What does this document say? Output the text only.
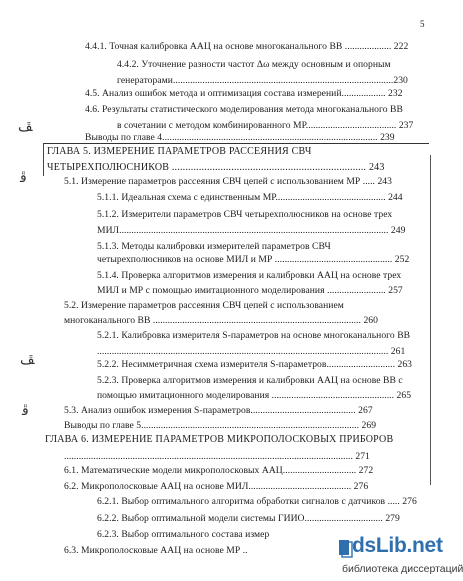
5
4.4.1. Точная калибровка ААЦ на основе многоканального ВВ ................... 222
4.4.2. Уточнение разности частот Δω между основным и опорным
генераторами..........................................................................................230
4.5. Анализ ошибок метода и оптимизация состава измерений.................. 232
4.6. Результаты статистического моделирования метода многоканального ВВ
в сочетании с методом комбинированного МР..................................... 237
Выводы по главе 4........................................................................................ 239
ГЛАВА 5. ИЗМЕРЕНИЕ ПАРАМЕТРОВ РАССЕЯНИЯ СВЧ
ЧЕТЫРЕХПОЛЮСНИКОВ ........................................................................ 243
5.1. Измерение параметров рассеяния СВЧ цепей с использованием МР ..... 243
5.1.1. Идеальная схема с единственным МР............................................. 244
5.1.2. Измерители параметров СВЧ четырехполюсников на основе трех
МИЛ.............................................................................................................. 249
5.1.3. Методы калибровки измерителей параметров СВЧ
четырехполюсников на основе МИЛ и МР ................................................ 252
5.1.4. Проверка алгоритмов измерения и калибровки ААЦ на основе трех
МИЛ и МР с помощью имитационного моделирования ........................ 257
5.2. Измерение параметров рассеяния СВЧ цепей с использованием
многоканального ВВ ..................................................................................... 260
5.2.1. Калибровка измерителя S-параметров на основе многоканального ВВ
....................................................................................................................... 261
5.2.2. Несимметричная схема измерителя S-параметров............................ 263
5.2.3. Проверка алгоритмов измерения и калибровки ААЦ на основе ВВ с
помощью имитационного моделирования .................................................. 265
5.3. Анализ ошибок измерения S-параметров........................................... 267
Выводы по главе 5......................................................................................... 269
ГЛАВА 6. ИЗМЕРЕНИЕ ПАРАМЕТРОВ МИКРОПОЛОСКОВЫХ ПРИБОРОВ
...................................................................................................................... 271
6.1. Математические модели микрополосковых ААЦ.............................. 272
6.2. Микрополосковые ААЦ на основе МИЛ.......................................... 276
6.2.1. Выбор оптимального алгоритма обработки сигналов с датчиков ..... 276
6.2.2. Выбор оптимальной модели системы ГИИО................................ 279
6.2.3. Выбор оптимального состава измер
6.3. Микрополосковые ААЦ на основе МР ..
ﭯ
ﭰ
ﭯ
ﭰ
dsLib.net
библиотека диссертаций
